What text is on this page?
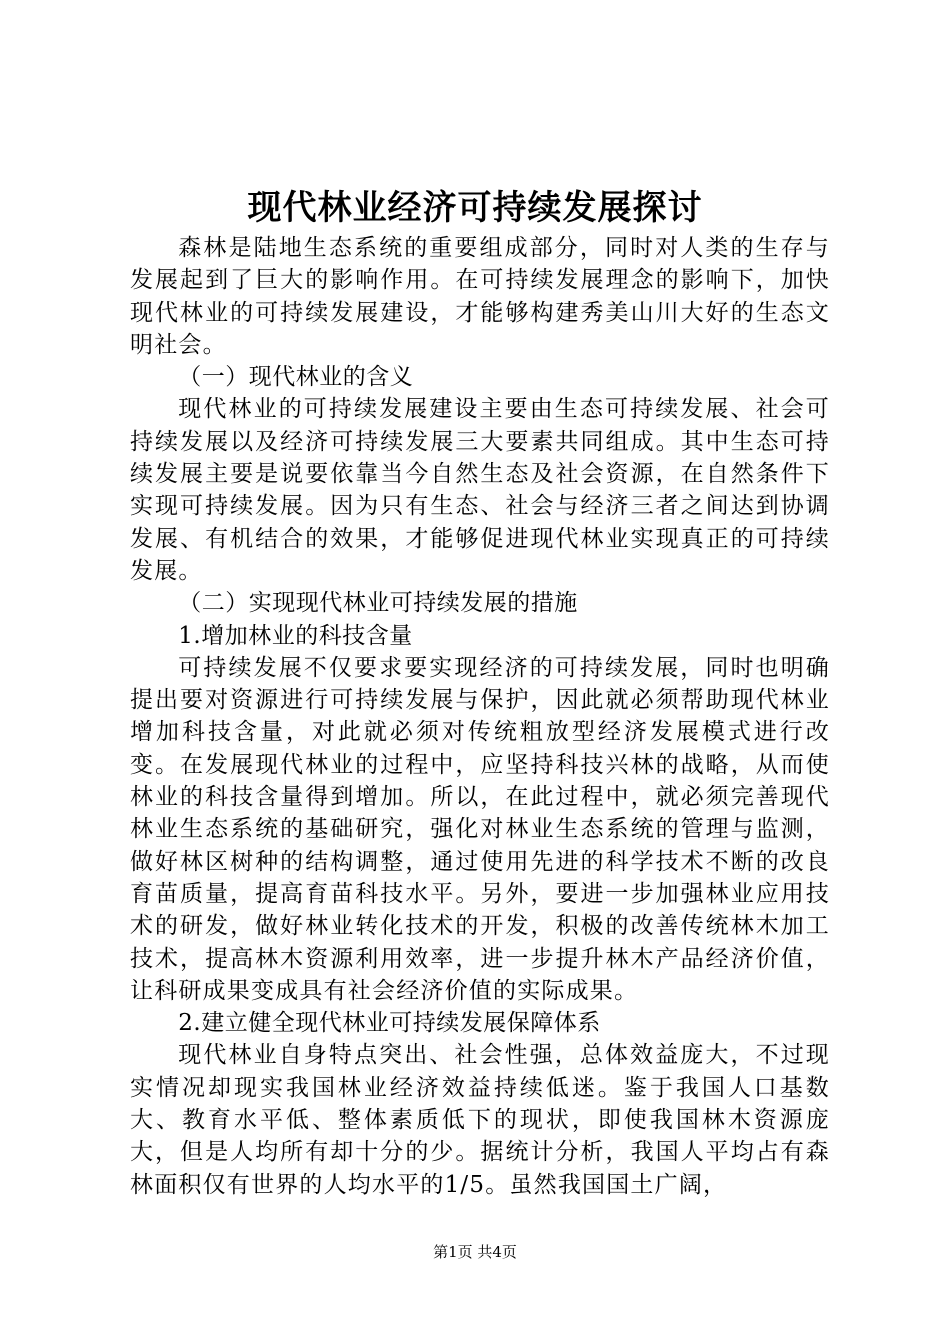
现代林业经济可持续发展探讨

森林是陆地生态系统的重要组成部分，同时对人类的生存与发展起到了巨大的影响作用。在可持续发展理念的影响下，加快现代林业的可持续发展建设，才能够构建秀美山川大好的生态文明社会。

（一）现代林业的含义

现代林业的可持续发展建设主要由生态可持续发展、社会可持续发展以及经济可持续发展三大要素共同组成。其中生态可持续发展主要是说要依靠当今自然生态及社会资源，在自然条件下实现可持续发展。因为只有生态、社会与经济三者之间达到协调发展、有机结合的效果，才能够促进现代林业实现真正的可持续发展。

（二）实现现代林业可持续发展的措施

1.增加林业的科技含量

可持续发展不仅要求要实现经济的可持续发展，同时也明确提出要对资源进行可持续发展与保护，因此就必须帮助现代林业增加科技含量，对此就必须对传统粗放型经济发展模式进行改变。在发展现代林业的过程中，应坚持科技兴林的战略，从而使林业的科技含量得到增加。所以，在此过程中，就必须完善现代林业生态系统的基础研究，强化对林业生态系统的管理与监测，做好林区树种的结构调整，通过使用先进的科学技术不断的改良育苗质量，提高育苗科技水平。另外，要进一步加强林业应用技术的研发，做好林业转化技术的开发，积极的改善传统林木加工技术，提高林木资源利用效率，进一步提升林木产品经济价值，让科研成果变成具有社会经济价值的实际成果。

2.建立健全现代林业可持续发展保障体系

现代林业自身特点突出、社会性强，总体效益庞大，不过现实情况却现实我国林业经济效益持续低迷。鉴于我国人口基数大、教育水平低、整体素质低下的现状，即使我国林木资源庞大，但是人均所有却十分的少。据统计分析，我国人平均占有森林面积仅有世界的人均水平的1/5。虽然我国国土广阔，

第1页 共4页
